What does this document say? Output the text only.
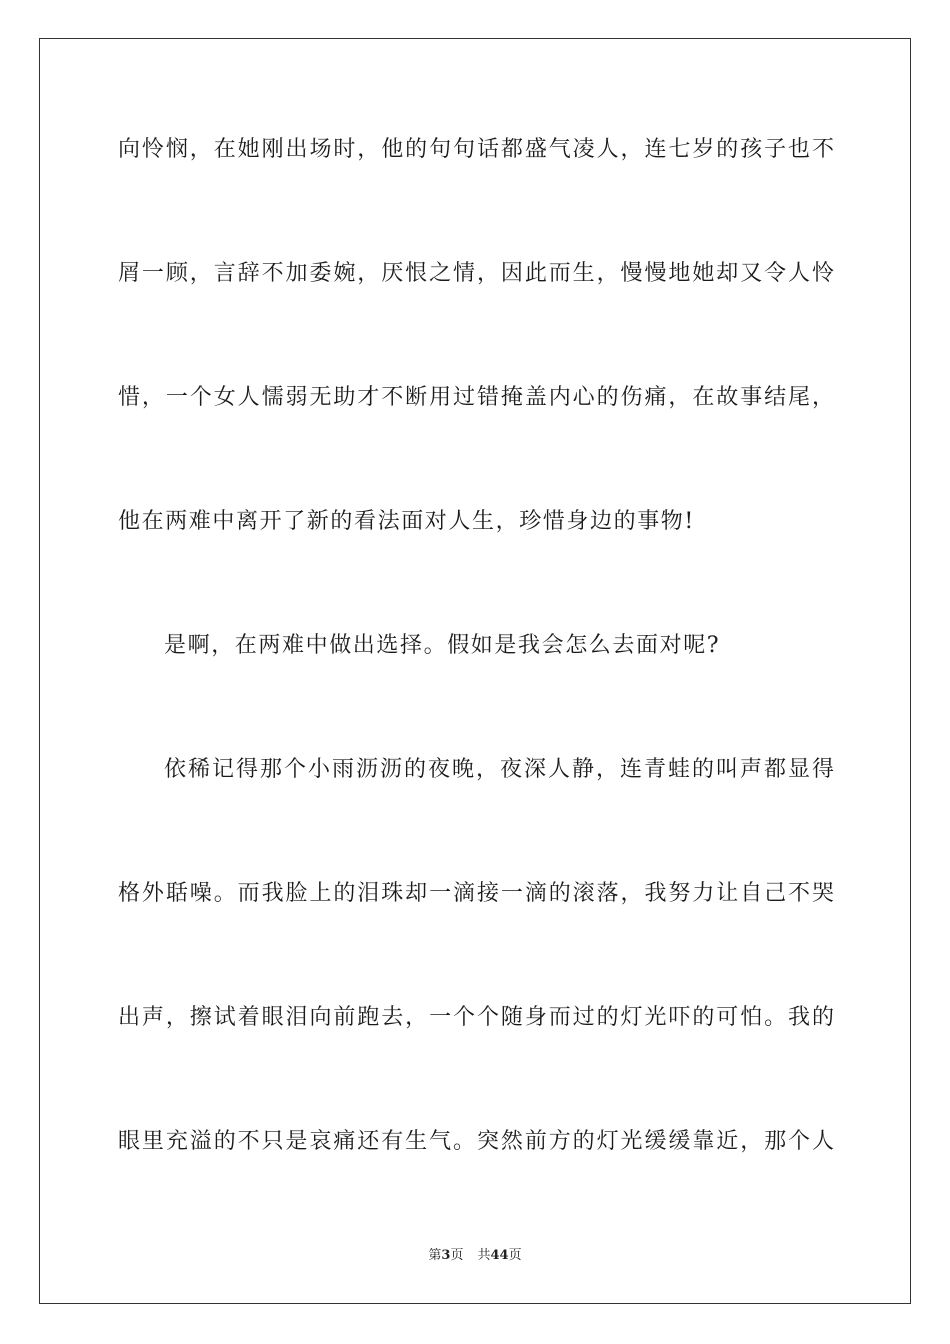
向怜悯，在她刚出场时，他的句句话都盛气凌人，连七岁的孩子也不
屑一顾，言辞不加委婉，厌恨之情，因此而生，慢慢地她却又令人怜
惜，一个女人懦弱无助才不断用过错掩盖内心的伤痛，在故事结尾，
他在两难中离开了新的看法面对人生，珍惜身边的事物!
是啊，在两难中做出选择。假如是我会怎么去面对呢?
依稀记得那个小雨沥沥的夜晚，夜深人静，连青蛙的叫声都显得
格外聒噪。而我脸上的泪珠却一滴接一滴的滚落，我努力让自己不哭
出声，擦试着眼泪向前跑去，一个个随身而过的灯光吓的可怕。我的
眼里充溢的不只是哀痛还有生气。突然前方的灯光缓缓靠近，那个人
第3页 共44页
